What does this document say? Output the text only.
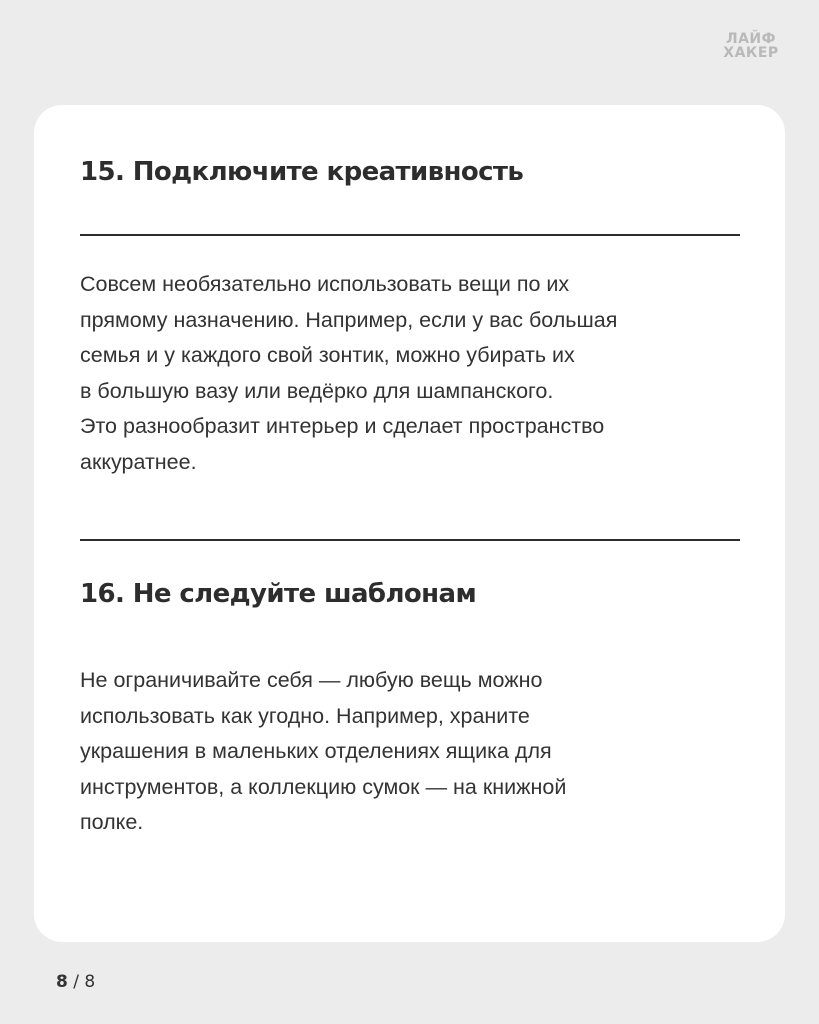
ЛАЙФ
ХАКЕР
15. Подключите креативность
Совсем необязательно использовать вещи по их
прямому назначению. Например, если у вас большая
семья и у каждого свой зонтик, можно убирать их
в большую вазу или ведёрко для шампанского.
Это разнообразит интерьер и сделает пространство
аккуратнее.
16. Не следуйте шаблонам
Не ограничивайте себя — любую вещь можно
использовать как угодно. Например, храните
украшения в маленьких отделениях ящика для
инструментов, а коллекцию сумок — на книжной
полке.
8 / 8
